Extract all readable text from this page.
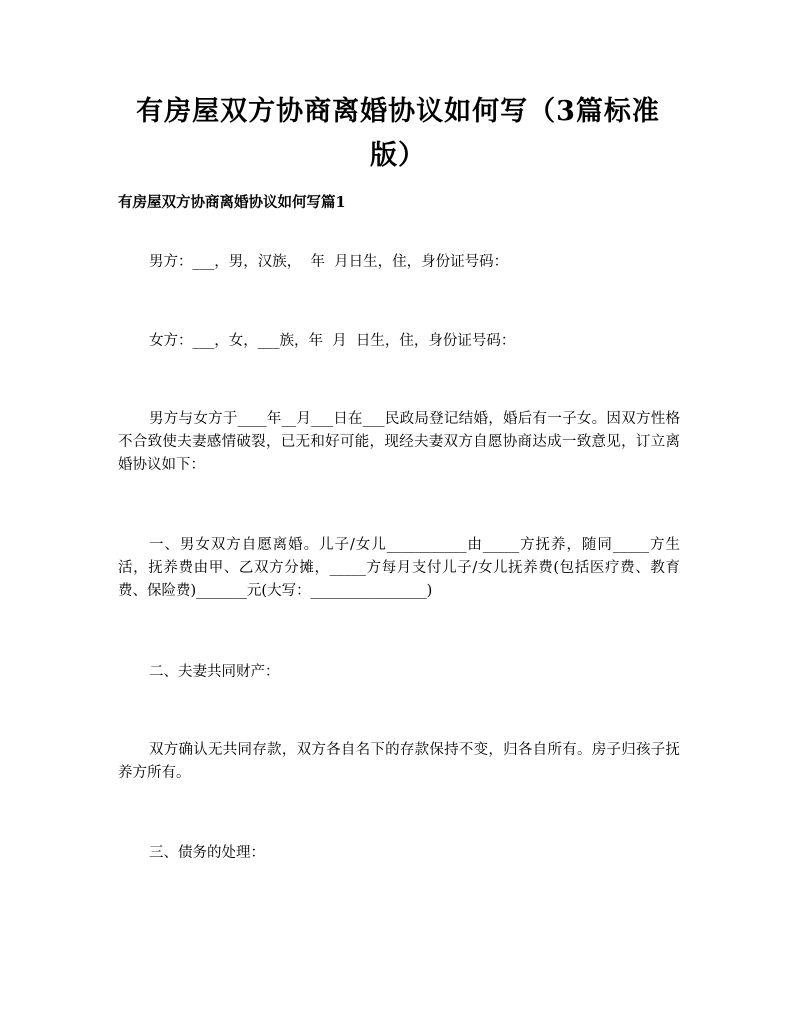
有房屋双方协商离婚协议如何写（3篇标准版）
有房屋双方协商离婚协议如何写篇1
男方：___，男，汉族，  年  月日生，住，身份证号码：
女方：___，女，___族，年  月  日生，住，身份证号码：
男方与女方于____年__月___日在___民政局登记结婚，婚后有一子女。因双方性格不合致使夫妻感情破裂，已无和好可能，现经夫妻双方自愿协商达成一致意见，订立离婚协议如下：
一、男女双方自愿离婚。儿子/女儿___________由_____方抚养，随同_____方生活，抚养费由甲、乙双方分摊，_____方每月支付儿子/女儿抚养费(包括医疗费、教育费、保险费)_______元(大写：________________)
二、夫妻共同财产：
双方确认无共同存款，双方各自名下的存款保持不变，归各自所有。房子归孩子抚养方所有。
三、债务的处理：
